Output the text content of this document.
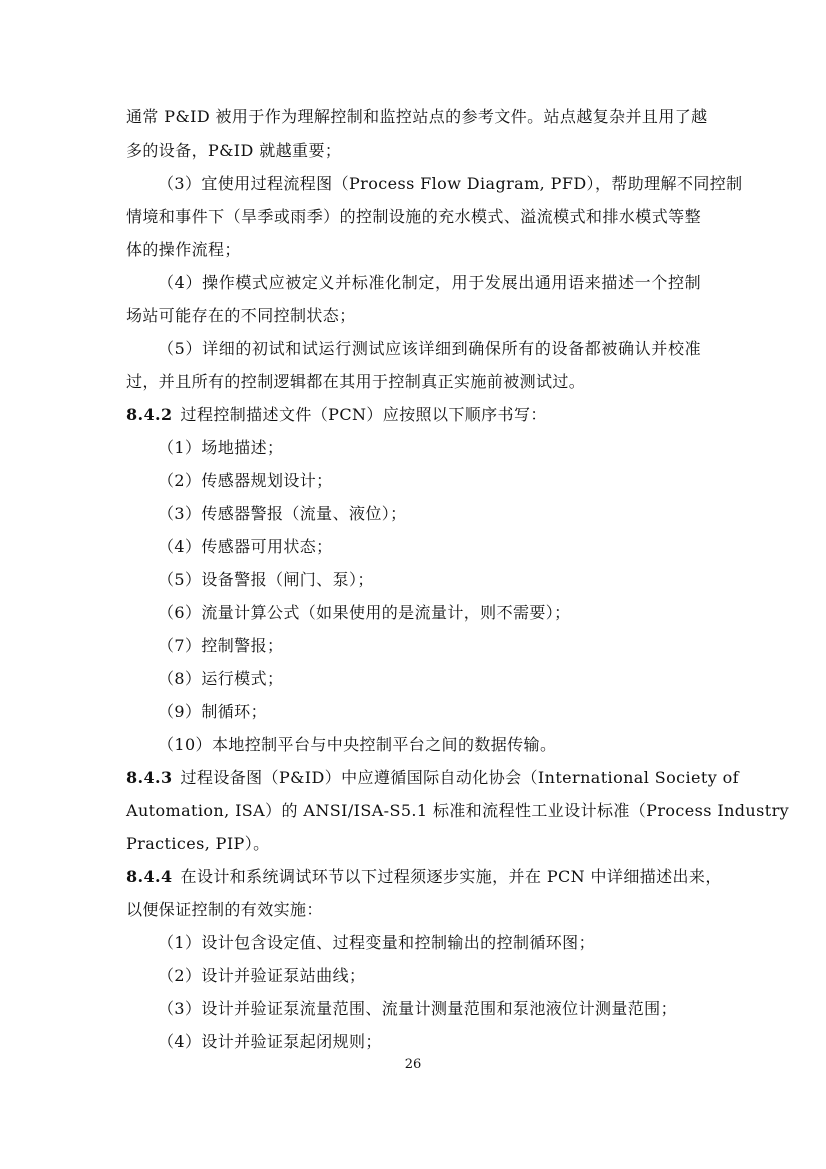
通常 P&ID 被用于作为理解控制和监控站点的参考文件。站点越复杂并且用了越
多的设备，P&ID 就越重要；
（3）宜使用过程流程图（Process Flow Diagram, PFD），帮助理解不同控制
情境和事件下（旱季或雨季）的控制设施的充水模式、溢流模式和排水模式等整
体的操作流程；
（4）操作模式应被定义并标准化制定，用于发展出通用语来描述一个控制
场站可能存在的不同控制状态；
（5）详细的初试和试运行测试应该详细到确保所有的设备都被确认并校准
过，并且所有的控制逻辑都在其用于控制真正实施前被测试过。
8.4.2 过程控制描述文件（PCN）应按照以下顺序书写：
（1）场地描述；
（2）传感器规划设计；
（3）传感器警报（流量、液位）；
（4）传感器可用状态；
（5）设备警报（闸门、泵）；
（6）流量计算公式（如果使用的是流量计，则不需要）；
（7）控制警报；
（8）运行模式；
（9）制循环；
（10）本地控制平台与中央控制平台之间的数据传输。
8.4.3 过程设备图（P&ID）中应遵循国际自动化协会（International Society of
Automation, ISA）的 ANSI/ISA-S5.1 标准和流程性工业设计标准（Process Industry
Practices, PIP）。
8.4.4 在设计和系统调试环节以下过程须逐步实施，并在 PCN 中详细描述出来，
以便保证控制的有效实施：
（1）设计包含设定值、过程变量和控制输出的控制循环图；
（2）设计并验证泵站曲线；
（3）设计并验证泵流量范围、流量计测量范围和泵池液位计测量范围；
（4）设计并验证泵起闭规则；
26
